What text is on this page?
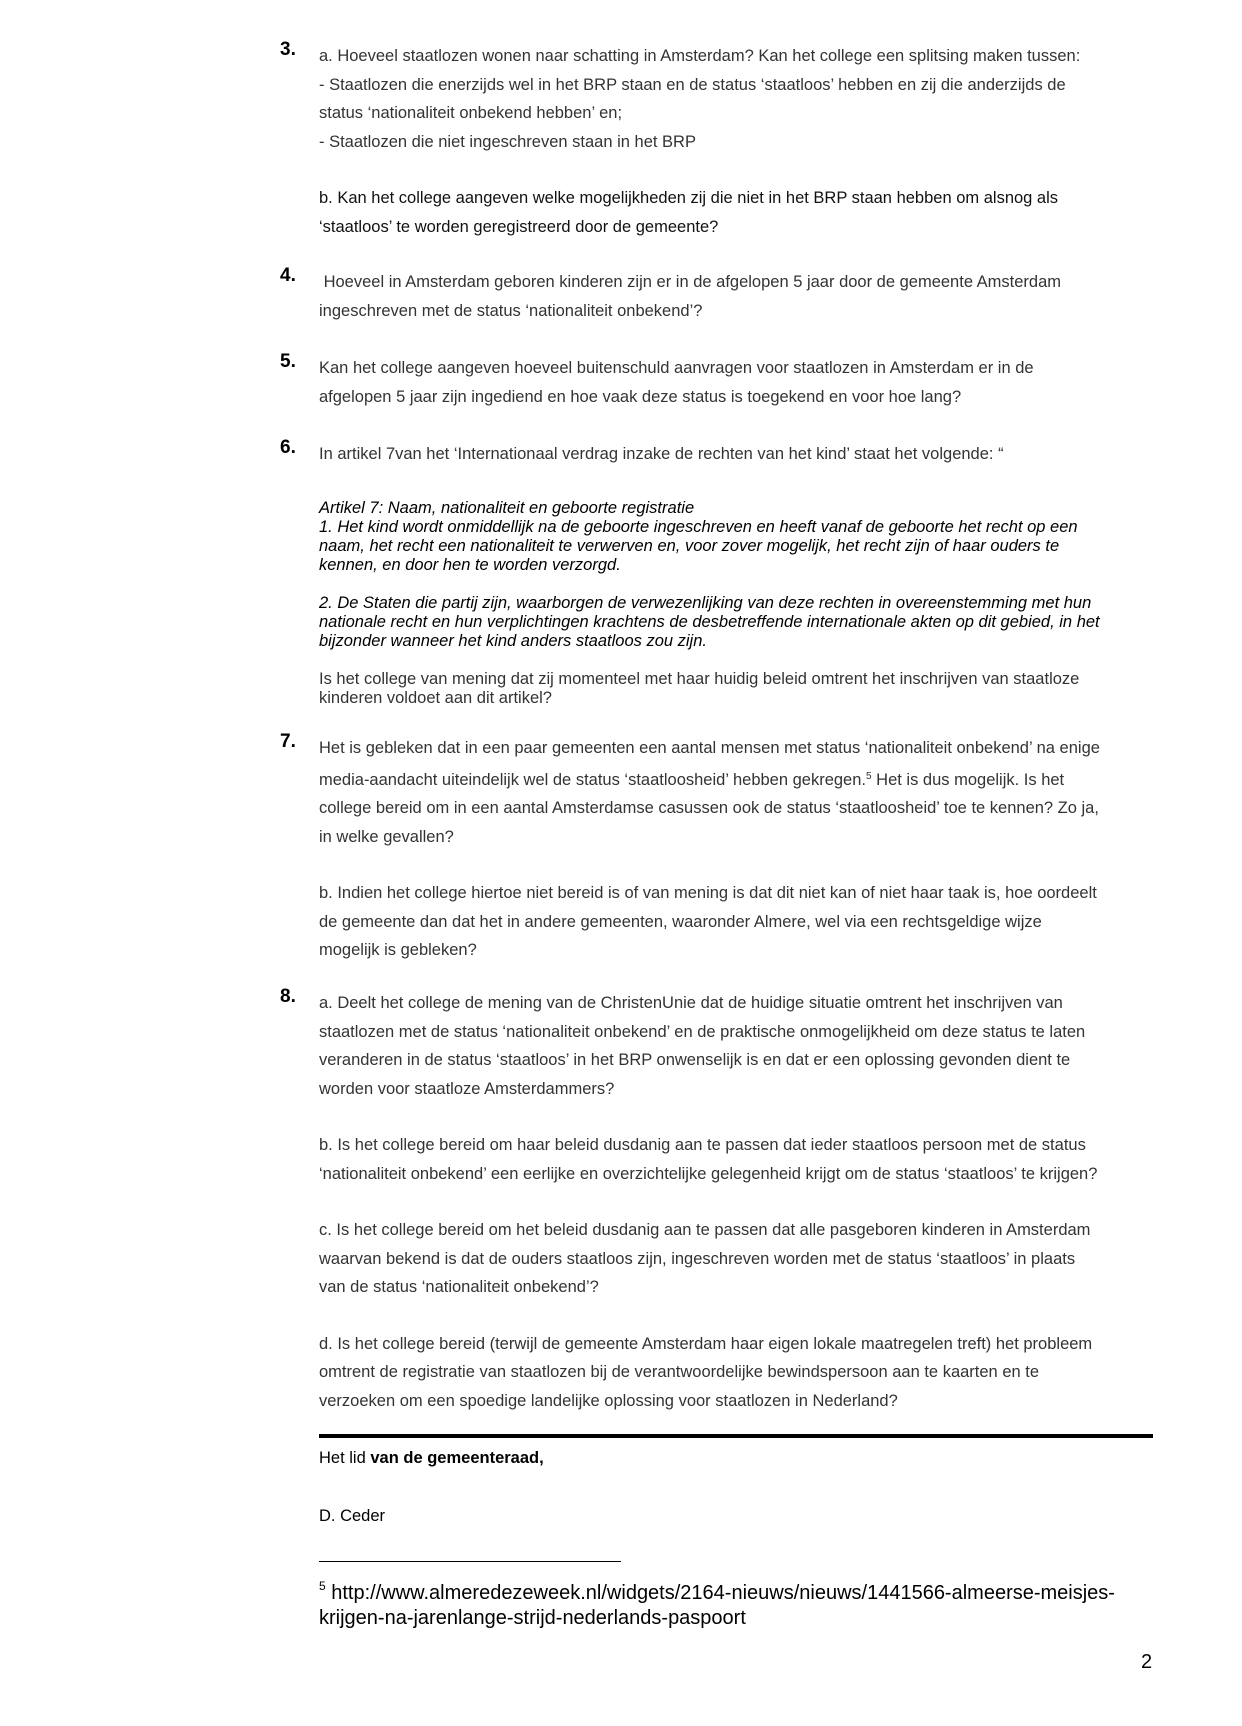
3. a. Hoeveel staatlozen wonen naar schatting in Amsterdam? Kan het college een splitsing maken tussen:
- Staatlozen die enerzijds wel in het BRP staan en de status ‘staatloos’ hebben en zij die anderzijds de
status ‘nationaliteit onbekend hebben’ en;
- Staatlozen die niet ingeschreven staan in het BRP

b. Kan het college aangeven welke mogelijkheden zij die niet in het BRP staan hebben om alsnog als
‘staatloos’ te worden geregistreerd door de gemeente?

4. Hoeveel in Amsterdam geboren kinderen zijn er in de afgelopen 5 jaar door de gemeente Amsterdam
ingeschreven met de status ‘nationaliteit onbekend’?

5. Kan het college aangeven hoeveel buitenschuld aanvragen voor staatlozen in Amsterdam er in de
afgelopen 5 jaar zijn ingediend en hoe vaak deze status is toegekend en voor hoe lang?

6. In artikel 7van het ‘Internationaal verdrag inzake de rechten van het kind’ staat het volgende: “

Artikel 7: Naam, nationaliteit en geboorte registratie

1. Het kind wordt onmiddellijk na de geboorte ingeschreven en heeft vanaf de geboorte het recht op een
naam, het recht een nationaliteit te verwerven en, voor zover mogelijk, het recht zijn of haar ouders te
kennen, en door hen te worden verzorgd.

2. De Staten die partij zijn, waarborgen de verwezenlijking van deze rechten in overeenstemming met hun
nationale recht en hun verplichtingen krachtens de desbetreffende internationale akten op dit gebied, in het
bijzonder wanneer het kind anders staatloos zou zijn.

Is het college van mening dat zij momenteel met haar huidig beleid omtrent het inschrijven van staatloze
kinderen voldoet aan dit artikel?

7. Het is gebleken dat in een paar gemeenten een aantal mensen met status ‘nationaliteit onbekend’ na enige
media-aandacht uiteindelijk wel de status ‘staatloosheid’ hebben gekregen.$^5$ Het is dus mogelijk. Is het
college bereid om in een aantal Amsterdamse casussen ook de status ‘staatloosheid’ toe te kennen? Zo ja,
in welke gevallen?

b. Indien het college hiertoe niet bereid is of van mening is dat dit niet kan of niet haar taak is, hoe oordeelt
de gemeente dan dat het in andere gemeenten, waaronder Almere, wel via een rechtsgeldige wijze
mogelijk is gebleken?

8. a. Deelt het college de mening van de ChristenUnie dat de huidige situatie omtrent het inschrijven van
staatlozen met de status ‘nationaliteit onbekend’ en de praktische onmogelijkheid om deze status te laten
veranderen in de status ‘staatloos’ in het BRP onwenselijk is en dat er een oplossing gevonden dient te
worden voor staatloze Amsterdammers?

b. Is het college bereid om haar beleid dusdanig aan te passen dat ieder staatloos persoon met de status
‘nationaliteit onbekend’ een eerlijke en overzichtelijke gelegenheid krijgt om de status ‘staatloos’ te krijgen?

c. Is het college bereid om het beleid dusdanig aan te passen dat alle pasgeboren kinderen in Amsterdam
waarvan bekend is dat de ouders staatloos zijn, ingeschreven worden met de status ‘staatloos’ in plaats
van de status ‘nationaliteit onbekend’?

d. Is het college bereid (terwijl de gemeente Amsterdam haar eigen lokale maatregelen treft) het probleem
omtrent de registratie van staatlozen bij de verantwoordelijke bewindspersoon aan te kaarten en te
verzoeken om een spoedige landelijke oplossing voor staatlozen in Nederland?

Het lid van de gemeenteraad,
D. Ceder
$^5$ http://www.almeredezeweek.nl/widgets/2164-nieuws/nieuws/1441566-almeerse-meisjes-
krijgen-na-jarenlange-strijd-nederlands-paspoort
2
